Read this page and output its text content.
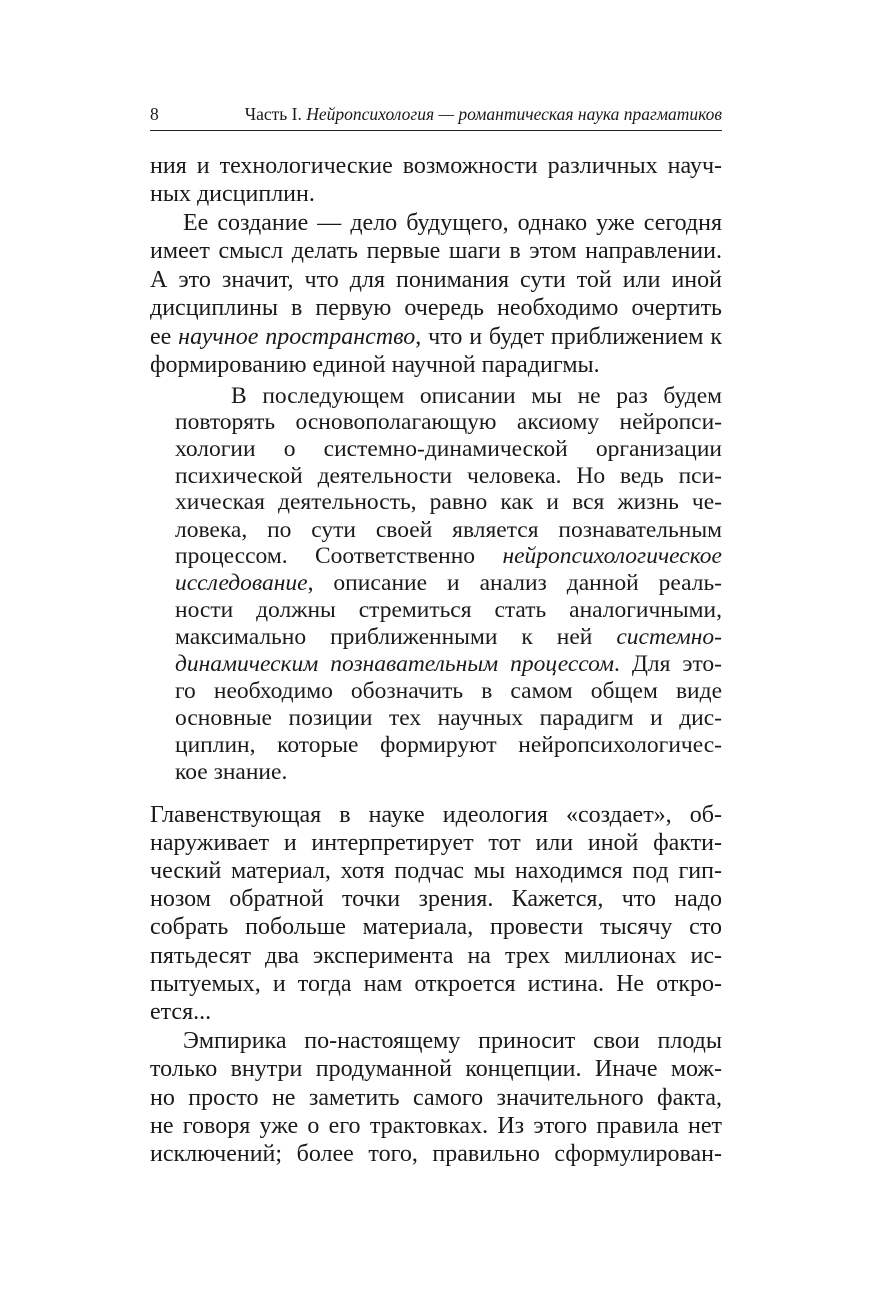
8	Часть I. Нейропсихология — романтическая наука прагматиков
ния и технологические возможности различных науч-
ных дисциплин.
Ее создание — дело будущего, однако уже сегодня
имеет смысл делать первые шаги в этом направлении.
А это значит, что для понимания сути той или иной
дисциплины в первую очередь необходимо очертить
ее научное пространство, что и будет приближением к
формированию единой научной парадигмы.
В последующем описании мы не раз будем
повторять основополагающую аксиому нейропси-
хологии о системно-динамической организации
психической деятельности человека. Но ведь пси-
хическая деятельность, равно как и вся жизнь че-
ловека, по сути своей является познавательным
процессом. Соответственно нейропсихологическое
исследование, описание и анализ данной реаль-
ности должны стремиться стать аналогичными,
максимально приближенными к ней системно-
динамическим познавательным процессом. Для это-
го необходимо обозначить в самом общем виде
основные позиции тех научных парадигм и дис-
циплин, которые формируют нейропсихологичес-
кое знание.
Главенствующая в науке идеология «создает», об-
наруживает и интерпретирует тот или иной факти-
ческий материал, хотя подчас мы находимся под гип-
нозом обратной точки зрения. Кажется, что надо
собрать побольше материала, провести тысячу сто
пятьдесят два эксперимента на трех миллионах ис-
пытуемых, и тогда нам откроется истина. Не откро-
ется...
Эмпирика по-настоящему приносит свои плоды
только внутри продуманной концепции. Иначе мож-
но просто не заметить самого значительного факта,
не говоря уже о его трактовках. Из этого правила нет
исключений; более того, правильно сформулирован-
